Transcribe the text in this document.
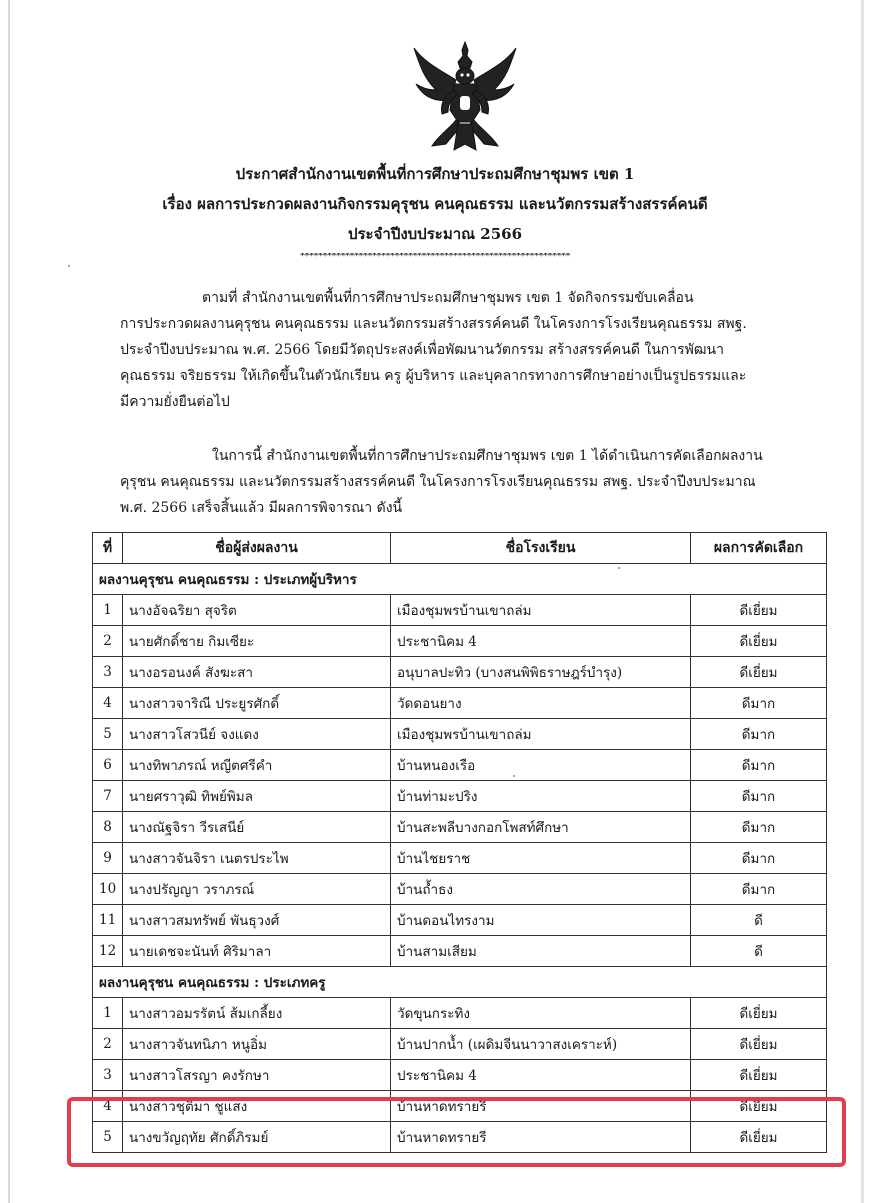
ประกาศสำนักงานเขตพื้นที่การศึกษาประถมศึกษาชุมพร เขต 1
เรื่อง ผลการประกวดผลงานกิจกรรมคุรุชน คนคุณธรรม และนวัตกรรมสร้างสรรค์คนดี
ประจำปีงบประมาณ 2566
************************************************************
ตามที่ สำนักงานเขตพื้นที่การศึกษาประถมศึกษาชุมพร เขต 1 จัดกิจกรรมขับเคลื่อน
การประกวดผลงานคุรุชน คนคุณธรรม และนวัตกรรมสร้างสรรค์คนดี ในโครงการโรงเรียนคุณธรรม สพฐ.
ประจำปีงบประมาณ พ.ศ. 2566 โดยมีวัตถุประสงค์เพื่อพัฒนานวัตกรรม สร้างสรรค์คนดี ในการพัฒนา
คุณธรรม จริยธรรม ให้เกิดขึ้นในตัวนักเรียน ครู ผู้บริหาร และบุคลากรทางการศึกษาอย่างเป็นรูปธรรมและ
มีความยั่งยืนต่อไป
ในการนี้ สำนักงานเขตพื้นที่การศึกษาประถมศึกษาชุมพร เขต 1 ได้ดำเนินการคัดเลือกผลงาน
คุรุชน คนคุณธรรม และนวัตกรรมสร้างสรรค์คนดี ในโครงการโรงเรียนคุณธรรม สพฐ. ประจำปีงบประมาณ
พ.ศ. 2566 เสร็จสิ้นแล้ว มีผลการพิจารณา ดังนี้
ที่	ชื่อผู้ส่งผลงาน	ชื่อโรงเรียน	ผลการคัดเลือก
ผลงานคุรุชน คนคุณธรรม : ประเภทผู้บริหาร			
1	นางอัจฉริยา สุจริต	เมืองชุมพรบ้านเขาถล่ม	ดีเยี่ยม
2	นายศักดิ์ชาย กิมเซียะ	ประชานิคม 4	ดีเยี่ยม
3	นางอรอนงค์ สังฆะสา	อนุบาลปะทิว (บางสนพิพิธราษฎร์บำรุง)	ดีเยี่ยม
4	นางสาวจาริณี ประยูรศักดิ์	วัดดอนยาง	ดีมาก
5	นางสาวโสวนีย์ จงแดง	เมืองชุมพรบ้านเขาถล่ม	ดีมาก
6	นางทิพาภรณ์ หญีตศรีคำ	บ้านหนองเรือ	ดีมาก
7	นายศราวุฒิ ทิพย์พิมล	บ้านท่ามะปริง	ดีมาก
8	นางณัฐจิรา วีรเสนีย์	บ้านสะพลีบางกอกโพสท์ศึกษา	ดีมาก
9	นางสาวจันจิรา เนตรประไพ	บ้านไชยราช	ดีมาก
10	นางปรัญญา วราภรณ์	บ้านถ้ำธง	ดีมาก
11	นางสาวสมทรัพย์ พันธุวงศ์	บ้านดอนไทรงาม	ดี
12	นายเดชจะนันท์ ศิริมาลา	บ้านสามเสียม	ดี
ผลงานคุรุชน คนคุณธรรม : ประเภทครู			
1	นางสาวอมรรัตน์ ส้มเกลี้ยง	วัดขุนกระทิง	ดีเยี่ยม
2	นางสาวจันทนิภา หนูอิ่ม	บ้านปากน้ำ (เผดิมจีนนาวาสงเคราะห์)	ดีเยี่ยม
3	นางสาวโสรญา คงรักษา	ประชานิคม 4	ดีเยี่ยม
4	นางสาวชุติมา ชูแสง	บ้านหาดทรายรี	ดีเยี่ยม
5	นางขวัญฤทัย ศักดิ์ภิรมย์	บ้านหาดทรายรี	ดีเยี่ยม
